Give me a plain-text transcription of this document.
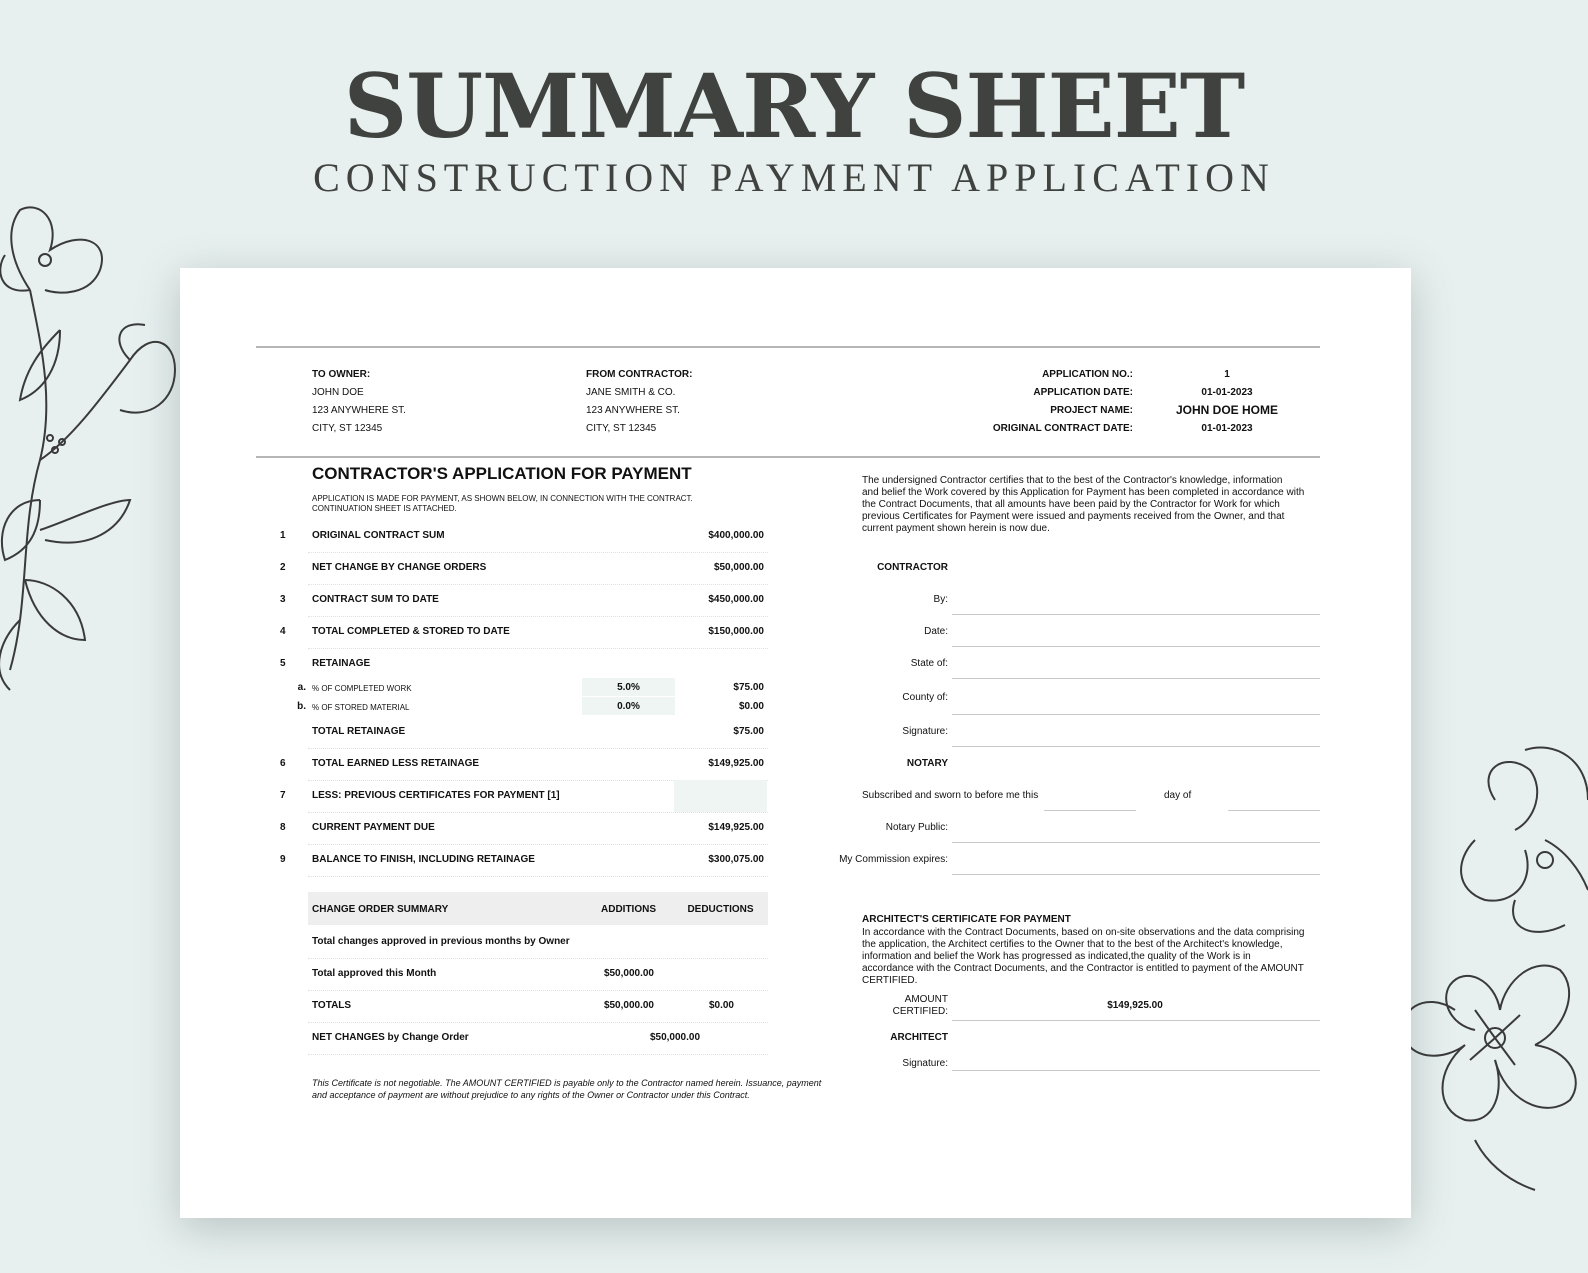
SUMMARY SHEET
CONSTRUCTION PAYMENT APPLICATION
TO OWNER:
JOHN DOE
123 ANYWHERE ST.
CITY, ST 12345
FROM CONTRACTOR:
JANE SMITH & CO.
123 ANYWHERE ST.
CITY, ST 12345
APPLICATION NO.:	1
APPLICATION DATE:	01-01-2023
PROJECT NAME:	JOHN DOE HOME
ORIGINAL CONTRACT DATE:	01-01-2023
CONTRACTOR'S APPLICATION FOR PAYMENT
APPLICATION IS MADE FOR PAYMENT, AS SHOWN BELOW, IN CONNECTION WITH THE CONTRACT.
CONTINUATION SHEET IS ATTACHED.
1	ORIGINAL CONTRACT SUM	$400,000.00
2	NET CHANGE BY CHANGE ORDERS	$50,000.00
3	CONTRACT SUM TO DATE	$450,000.00
4	TOTAL COMPLETED & STORED TO DATE	$150,000.00
5	RETAINAGE
a. % OF COMPLETED WORK	5.0%	$75.00
b. % OF STORED MATERIAL	0.0%	$0.00
TOTAL RETAINAGE	$75.00
6	TOTAL EARNED LESS RETAINAGE	$149,925.00
7	LESS: PREVIOUS CERTIFICATES FOR PAYMENT [1]
8	CURRENT PAYMENT DUE	$149,925.00
9	BALANCE TO FINISH, INCLUDING RETAINAGE	$300,075.00
CHANGE ORDER SUMMARY	ADDITIONS	DEDUCTIONS
Total changes approved in previous months by Owner
Total approved this Month	$50,000.00
TOTALS	$50,000.00	$0.00
NET CHANGES by Change Order	$50,000.00
This Certificate is not negotiable. The AMOUNT CERTIFIED is payable only to the Contractor named herein. Issuance, payment
and acceptance of payment are without prejudice to any rights of the Owner or Contractor under this Contract.
The undersigned Contractor certifies that to the best of the Contractor's knowledge, information
and belief the Work covered by this Application for Payment has been completed in accordance with
the Contract Documents, that all amounts have been paid by the Contractor for Work for which
previous Certificates for Payment were issued and payments received from the Owner, and that
current payment shown herein is now due.
CONTRACTOR
By:
Date:
State of:
County of:
Signature:
NOTARY
Subscribed and sworn to before me this	day of
Notary Public:
My Commission expires:
ARCHITECT'S CERTIFICATE FOR PAYMENT
In accordance with the Contract Documents, based on on-site observations and the data comprising
the application, the Architect certifies to the Owner that to the best of the Architect's knowledge,
information and belief the Work has progressed as indicated,the quality of the Work is in
accordance with the Contract Documents, and the Contractor is entitled to payment of the AMOUNT
CERTIFIED.
AMOUNT
CERTIFIED:
$149,925.00
ARCHITECT
Signature:
